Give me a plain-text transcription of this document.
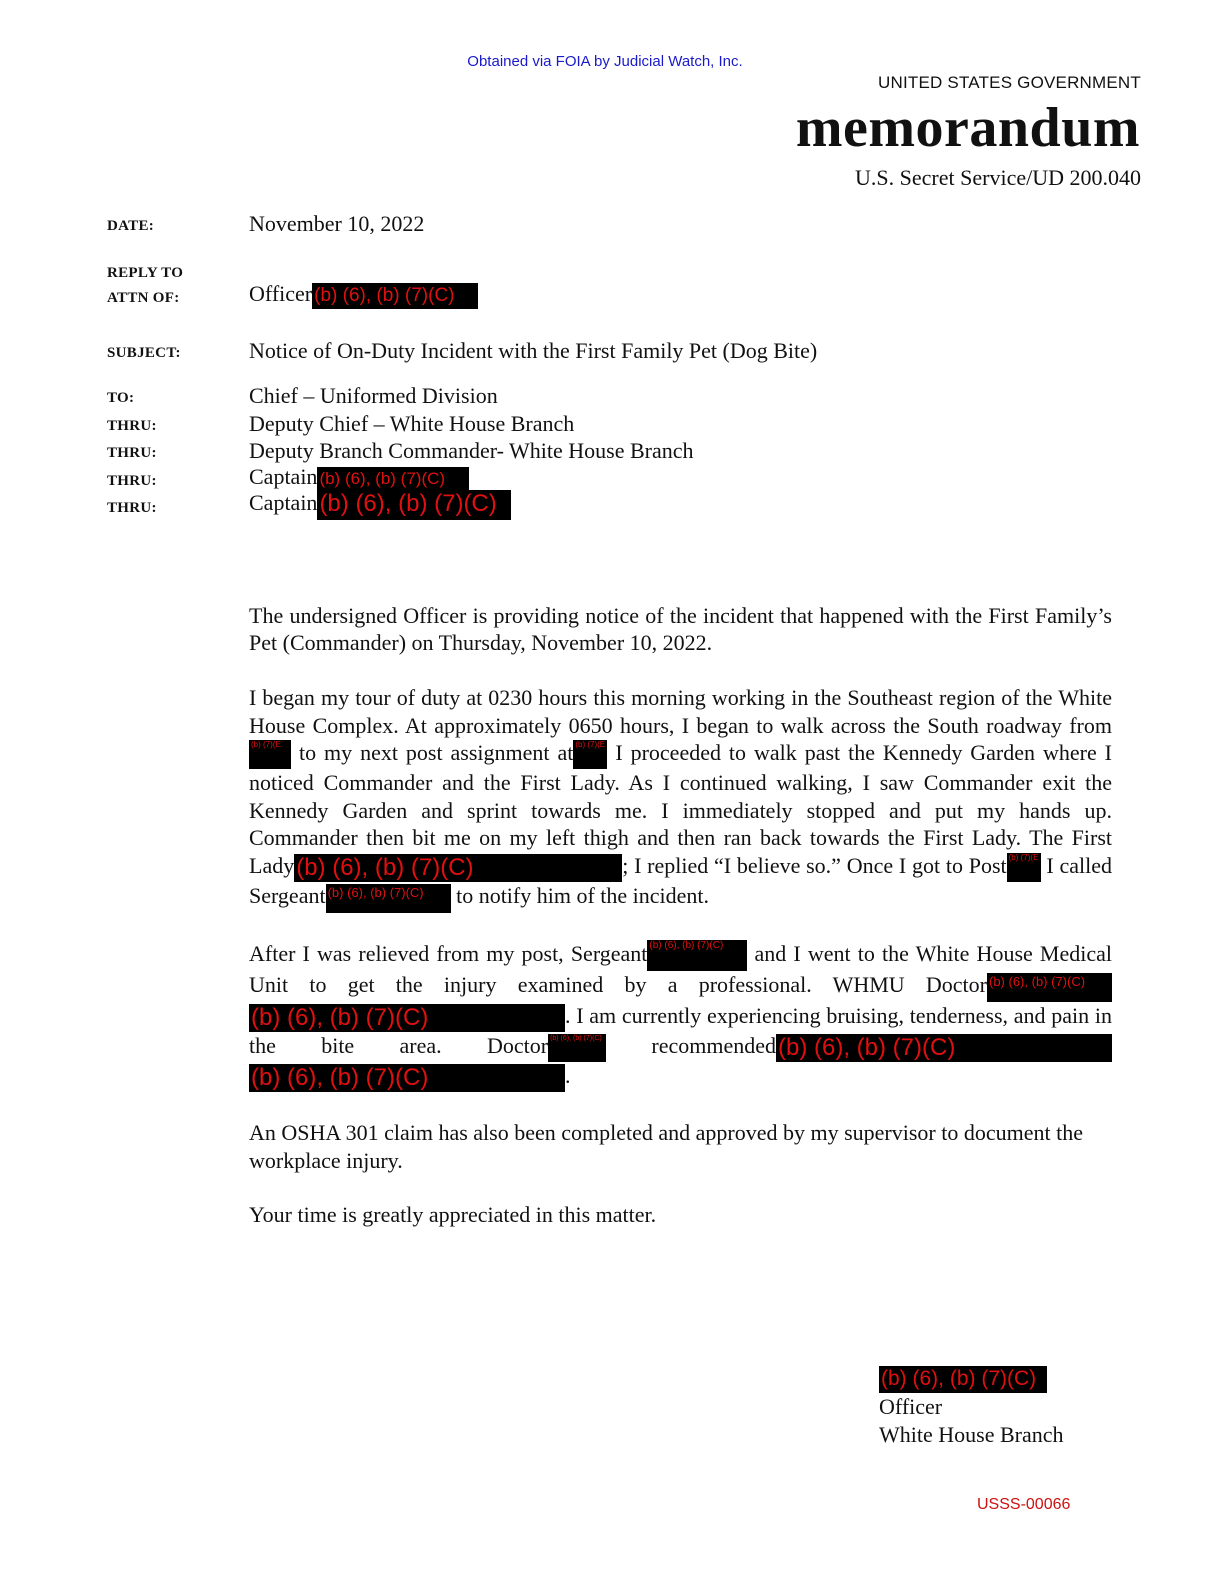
Obtained via FOIA by Judicial Watch, Inc.
UNITED STATES GOVERNMENT
memorandum
U.S. Secret Service/UD 200.040
DATE:	November 10, 2022
REPLY TO
ATTN OF:	Officer (b) (6), (b) (7)(C)
SUBJECT:	Notice of On-Duty Incident with the First Family Pet (Dog Bite)
TO:	Chief – Uniformed Division
THRU:	Deputy Chief – White House Branch
THRU:	Deputy Branch Commander- White House Branch
THRU:	Captain (b) (6), (b) (7)(C)
THRU:	Captain(b) (6), (b) (7)(C)

The undersigned Officer is providing notice of the incident that happened with the First Family’s Pet (Commander) on Thursday, November 10, 2022.

I began my tour of duty at 0230 hours this morning working in the Southeast region of the White House Complex. At approximately 0650 hours, I began to walk across the South roadway from (b) (7)(E to my next post assignment at (b) (7)(E I proceeded to walk past the Kennedy Garden where I noticed Commander and the First Lady. As I continued walking, I saw Commander exit the Kennedy Garden and sprint towards me. I immediately stopped and put my hands up. Commander then bit me on my left thigh and then ran back towards the First Lady. The First Lady(b) (6), (b) (7)(C)	; I replied “I believe so.” Once I got to Post (b) (7)(E I called Sergeant (b) (6), (b) (7)(C) to notify him of the incident.

After I was relieved from my post, Sergeant (b) (6), (b) (7)(C) and I went to the White House Medical Unit to get the injury examined by a professional. WHMU Doctor (b) (6), (b) (7)(C) (b) (6), (b) (7)(C)	. I am currently experiencing bruising, tenderness, and pain in the bite area. Doctor (b) (6), (b) (7)(C) recommended(b) (6), (b) (7)(C) (b) (6), (b) (7)(C)	.

An OSHA 301 claim has also been completed and approved by my supervisor to document the workplace injury.

Your time is greatly appreciated in this matter.

(b) (6), (b) (7)(C)
Officer
White House Branch
USSS-00066
